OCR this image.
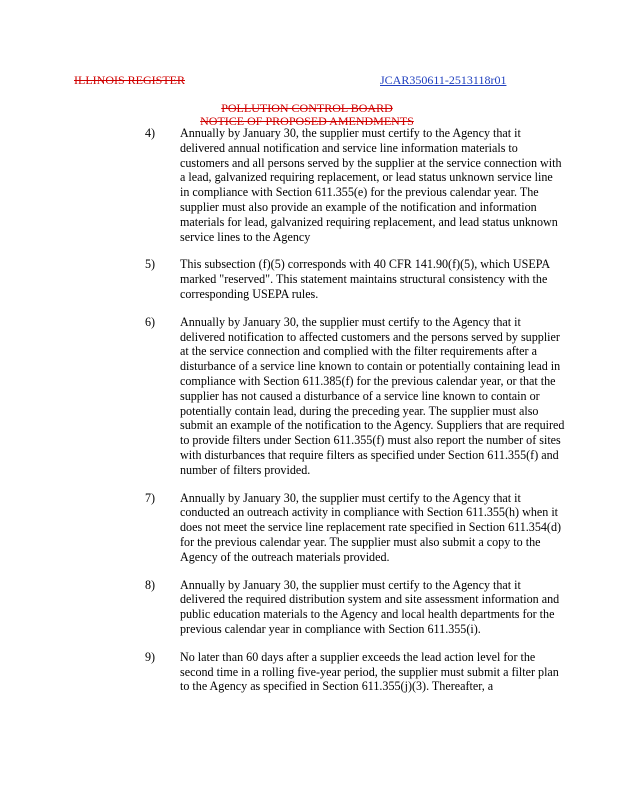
ILLINOIS REGISTER	JCAR350611-2513118r01
POLLUTION CONTROL BOARD
NOTICE OF PROPOSED AMENDMENTS
4) Annually by January 30, the supplier must certify to the Agency that it delivered annual notification and service line information materials to customers and all persons served by the supplier at the service connection with a lead, galvanized requiring replacement, or lead status unknown service line in compliance with Section 611.355(e) for the previous calendar year. The supplier must also provide an example of the notification and information materials for lead, galvanized requiring replacement, and lead status unknown service lines to the Agency
5) This subsection (f)(5) corresponds with 40 CFR 141.90(f)(5), which USEPA marked "reserved". This statement maintains structural consistency with the corresponding USEPA rules.
6) Annually by January 30, the supplier must certify to the Agency that it delivered notification to affected customers and the persons served by supplier at the service connection and complied with the filter requirements after a disturbance of a service line known to contain or potentially containing lead in compliance with Section 611.385(f) for the previous calendar year, or that the supplier has not caused a disturbance of a service line known to contain or potentially contain lead, during the preceding year. The supplier must also submit an example of the notification to the Agency. Suppliers that are required to provide filters under Section 611.355(f) must also report the number of sites with disturbances that require filters as specified under Section 611.355(f) and number of filters provided.
7) Annually by January 30, the supplier must certify to the Agency that it conducted an outreach activity in compliance with Section 611.355(h) when it does not meet the service line replacement rate specified in Section 611.354(d) for the previous calendar year. The supplier must also submit a copy to the Agency of the outreach materials provided.
8) Annually by January 30, the supplier must certify to the Agency that it delivered the required distribution system and site assessment information and public education materials to the Agency and local health departments for the previous calendar year in compliance with Section 611.355(i).
9) No later than 60 days after a supplier exceeds the lead action level for the second time in a rolling five-year period, the supplier must submit a filter plan to the Agency as specified in Section 611.355(j)(3). Thereafter, a
